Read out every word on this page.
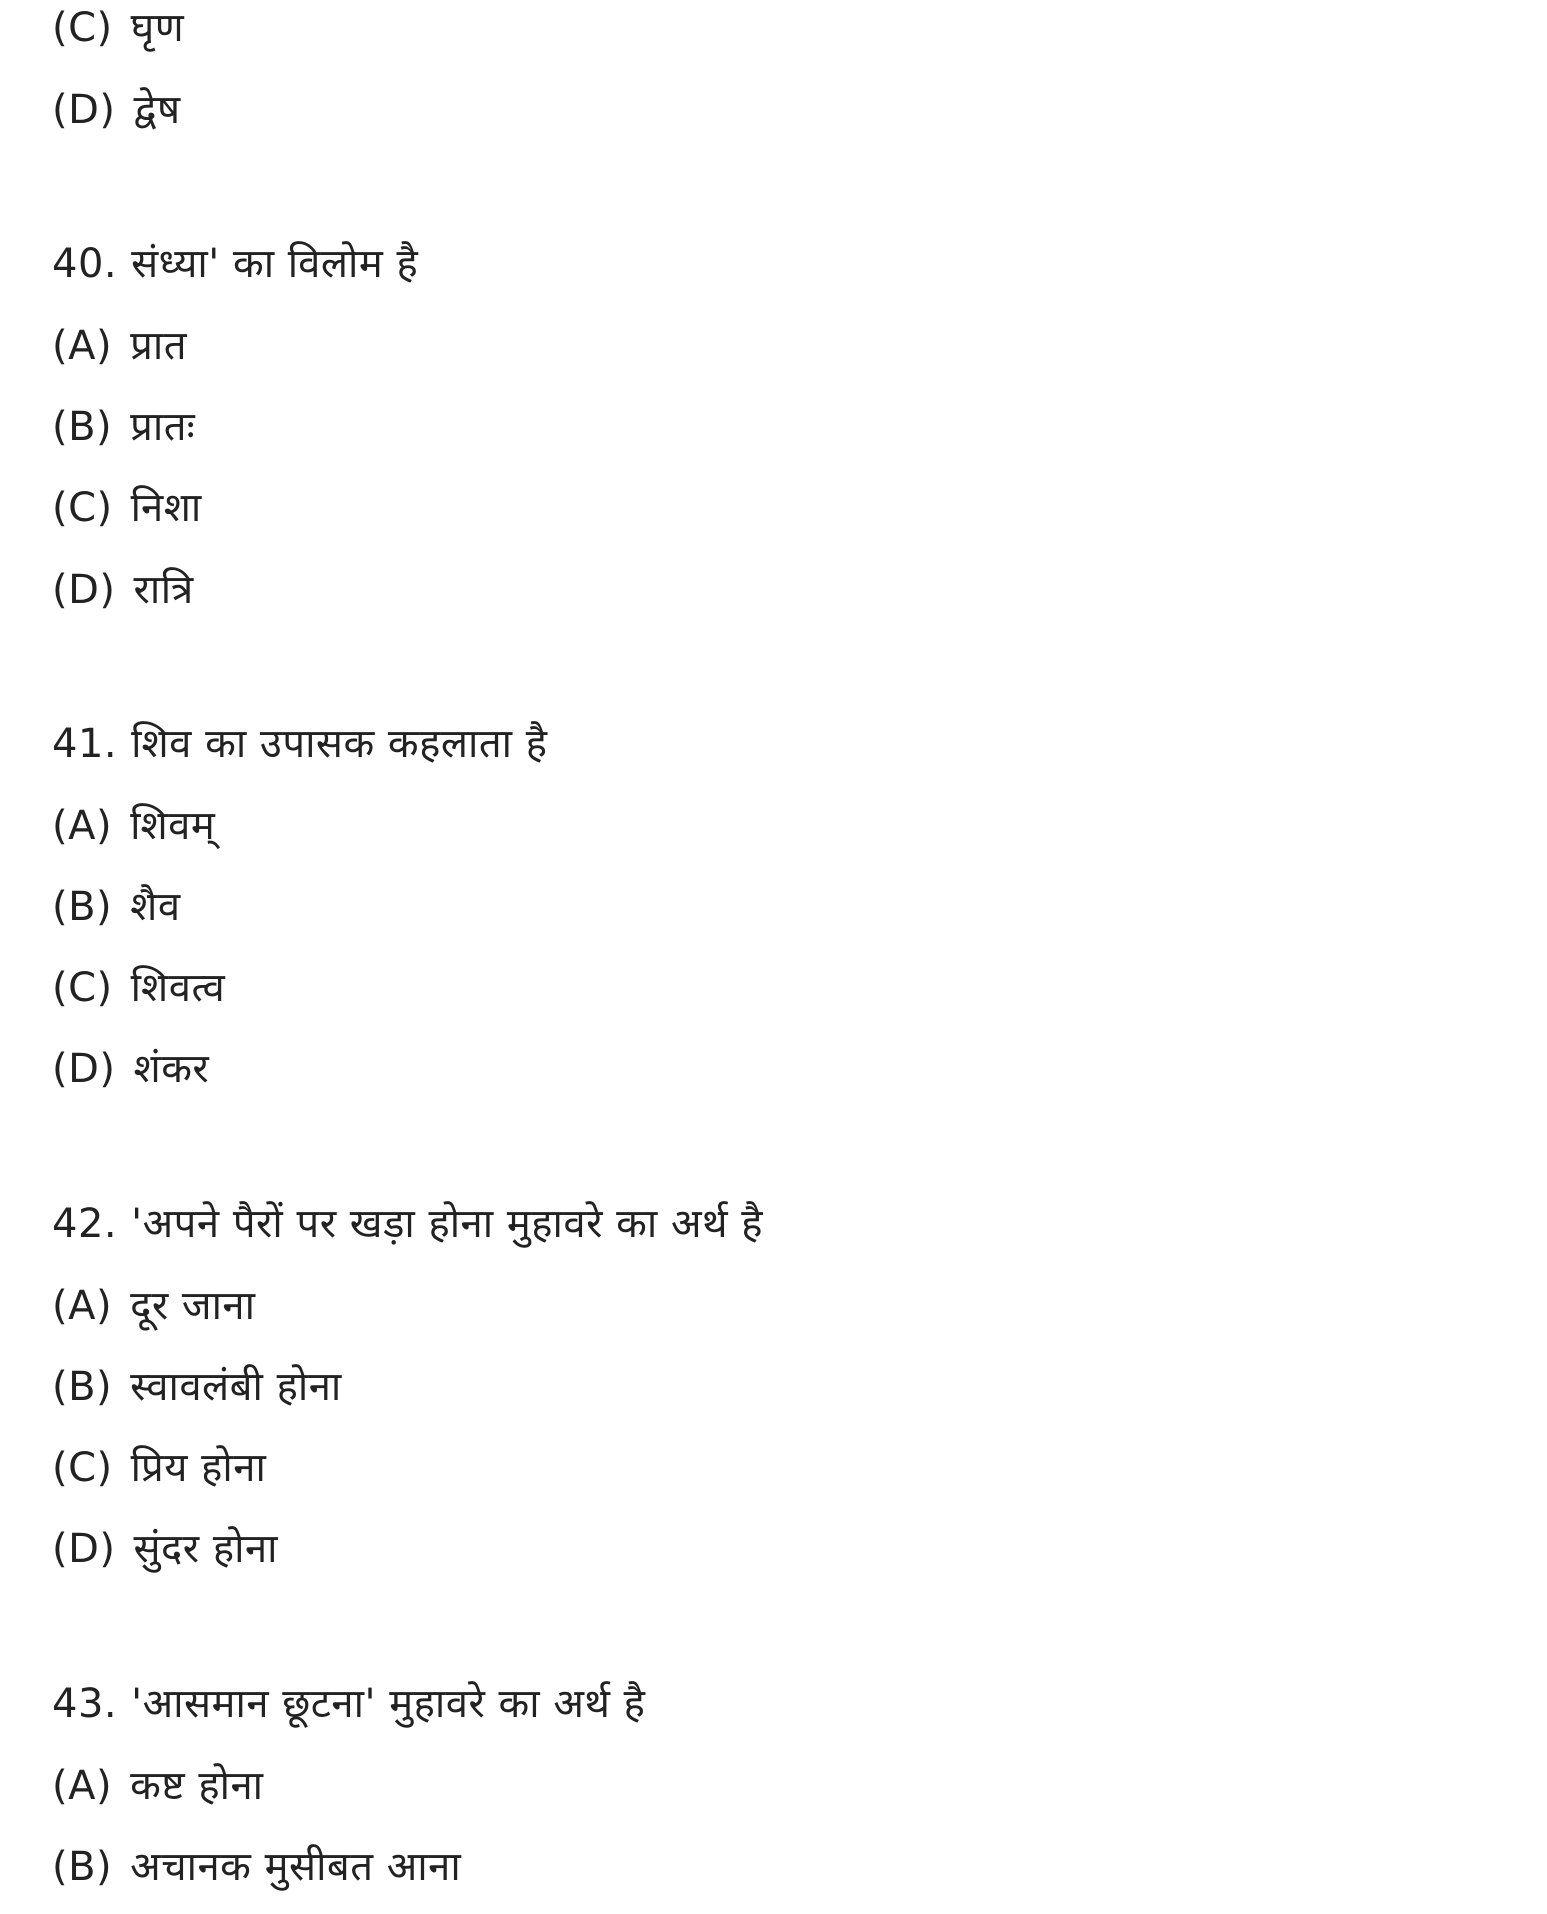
(C) घृण
(D) द्वेष
40. संध्या' का विलोम है
(A) प्रात
(B) प्रातः
(C) निशा
(D) रात्रि
41. शिव का उपासक कहलाता है
(A) शिवम्
(B) शैव
(C) शिवत्व
(D) शंकर
42. 'अपने पैरों पर खड़ा होना मुहावरे का अर्थ है
(A) दूर जाना
(B) स्वावलंबी होना
(C) प्रिय होना
(D) सुंदर होना
43. 'आसमान छूटना' मुहावरे का अर्थ है
(A) कष्ट होना
(B) अचानक मुसीबत आना
